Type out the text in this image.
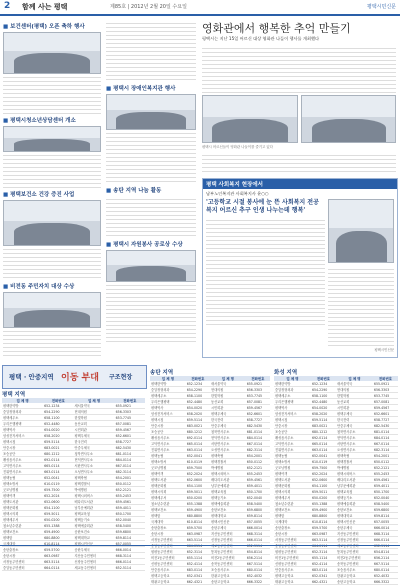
2 함께 사는 평택	제85호 | 2012년 2월 20일 수요일	평택시민신문
■ 보건센터(평택) 오픈 축하 행사
■ 평택시청소년상담센터 개소
■ 평택보건소 건강 증진 사업
■ 비전동 주민자치 대상 수상
■ 평택시 장애인복지관 행사
■ 송탄 지역 나눔 활동
■ 평택시 자원봉사 공로상 수상
영화관에서 행복한 추억 만들기
평택시는 지난 15일 어르신 대상 영화관 나들이 행사를 개최했다
평택시 어르신들이 영화관 나들이를 즐기고 있다
평택 사회복지 현장에서
남부노인복지관 사회복지사 윤○○
'고등학교 시절 봉사에 눈 뜬 사회복지 전공 복지 어르신 추구 인생 나누는데 행복'
평택시민신문
평택 · 안중지역 이동 부대 구조현장
평택 지역
업 체 명	전화번호	업 체 명	전화번호
평택한약방	652-1234	새서울약국	655-0921
중앙정형외과	654-2290	현대의원	656-3303
평택세무소	658-1100	한빛학원	653-7745
우리은행평택	652-4480	동산교회	657-0081
평택역사	654-0020	시민회관	659-4567
삼성전자서비스	658-2020	평택우체국	652-6601
평택시청	659-5114	한국전력	658-7727
안중시장	683-0021	안중우체국	682-5430
포승공단	680-1212	청북면사무소	681-0114
팽성읍사무소	692-0114	현덕면사무소	684-0114
고덕면사무소	665-0114	서탄면사무소	667-0114
진위면사무소	663-0114	오성면사무소	682-3114
평택농협	652-0041	평택축협	654-2001
평택소방서	610-0119	평택경찰서	650-0112
굿모닝병원	659-7500	박애병원	652-2121
평택여객	652-2024	평택시외버스	655-2453
평택도서관	652-0600	배다리도서관	659-4561
평택문화원	654-1100	남부문예회관	659-4011
평택시의회	659-5011	평택교육청	650-1700
평택세무서	650-0200	평택등기소	652-0040
청소년수련관	655-1388	평택예술회관	658-5400
평택보건소	659-4900	송탄보건소	659-6800
평택항	680-8800	평택대학교	659-8114
국제대학	610-8114	평택시민신문	657-0055
송탄출장소	659-5700	송탄우체국	666-0014
송탄시장	663-0987	지산동주민센터	668-3114
서정동주민센터	663-5114	신장동주민센터	666-0114
중앙동주민센터	664-0114	세교동주민센터	652-5114
송탄 지역
업 체 명	전화번호	업 체 명	전화번호
평택한약방	652-1234	새서울약국	655-0921
중앙정형외과	654-2290	현대의원	656-3303
평택세무소	658-1100	한빛학원	653-7745
우리은행평택	652-4480	동산교회	657-0081
평택역사	654-0020	시민회관	659-4567
삼성전자서비스	658-2020	평택우체국	652-6601
평택시청	659-5114	한국전력	658-7727
안중시장	683-0021	안중우체국	682-5430
포승공단	680-1212	청북면사무소	681-0114
팽성읍사무소	692-0114	현덕면사무소	684-0114
고덕면사무소	665-0114	서탄면사무소	667-0114
진위면사무소	663-0114	오성면사무소	682-3114
평택농협	652-0041	평택축협	654-2001
평택소방서	610-0119	평택경찰서	650-0112
굿모닝병원	659-7500	박애병원	652-2121
평택여객	652-2024	평택시외버스	655-2453
평택도서관	652-0600	배다리도서관	659-4561
평택문화원	654-1100	남부문예회관	659-4011
평택시의회	659-5011	평택교육청	650-1700
평택세무서	650-0200	평택등기소	652-0040
청소년수련관	655-1388	평택예술회관	658-5400
평택보건소	659-4900	송탄보건소	659-6800
평택항	680-8800	평택대학교	659-8114
국제대학	610-8114	평택시민신문	657-0055
송탄출장소	659-5700	송탄우체국	666-0014
송탄시장	663-0987	지산동주민센터	668-3114
서정동주민센터	663-5114	신장동주민센터	666-0114
중앙동주민센터	664-0114	세교동주민센터	652-5114
원평동주민센터	652-3114	통복동주민센터	654-8114
비전1동주민센터	655-1114	비전2동주민센터	656-2114
신평동주민센터	652-4114	송북동주민센터	667-5114
안중읍사무소	683-0114	포승읍사무소	680-0114
평택고등학교	652-0341	한광고등학교	652-4032
태광고등학교	662-4321	송탄고등학교	666-3322
화성 지역
업 체 명	전화번호	업 체 명	전화번호
평택한약방	652-1234	새서울약국	655-0921
중앙정형외과	654-2290	현대의원	656-3303
평택세무소	658-1100	한빛학원	653-7745
우리은행평택	652-4480	동산교회	657-0081
평택역사	654-0020	시민회관	659-4567
삼성전자서비스	658-2020	평택우체국	652-6601
평택시청	659-5114	한국전력	658-7727
안중시장	683-0021	안중우체국	682-5430
포승공단	680-1212	청북면사무소	681-0114
팽성읍사무소	692-0114	현덕면사무소	684-0114
고덕면사무소	665-0114	서탄면사무소	667-0114
진위면사무소	663-0114	오성면사무소	682-3114
평택농협	652-0041	평택축협	654-2001
평택소방서	610-0119	평택경찰서	650-0112
굿모닝병원	659-7500	박애병원	652-2121
평택여객	652-2024	평택시외버스	655-2453
평택도서관	652-0600	배다리도서관	659-4561
평택문화원	654-1100	남부문예회관	659-4011
평택시의회	659-5011	평택교육청	650-1700
평택세무서	650-0200	평택등기소	652-0040
청소년수련관	655-1388	평택예술회관	658-5400
평택보건소	659-4900	송탄보건소	659-6800
평택항	680-8800	평택대학교	659-8114
국제대학	610-8114	평택시민신문	657-0055
송탄출장소	659-5700	송탄우체국	666-0014
송탄시장	663-0987	지산동주민센터	668-3114
서정동주민센터	663-5114	신장동주민센터	666-0114
중앙동주민센터	664-0114	세교동주민센터	652-5114
원평동주민센터	652-3114	통복동주민센터	654-8114
비전1동주민센터	655-1114	비전2동주민센터	656-2114
신평동주민센터	652-4114	송북동주민센터	667-5114
안중읍사무소	683-0114	포승읍사무소	680-0114
평택고등학교	652-0341	한광고등학교	652-4032
태광고등학교	662-4321	송탄고등학교	666-3322
